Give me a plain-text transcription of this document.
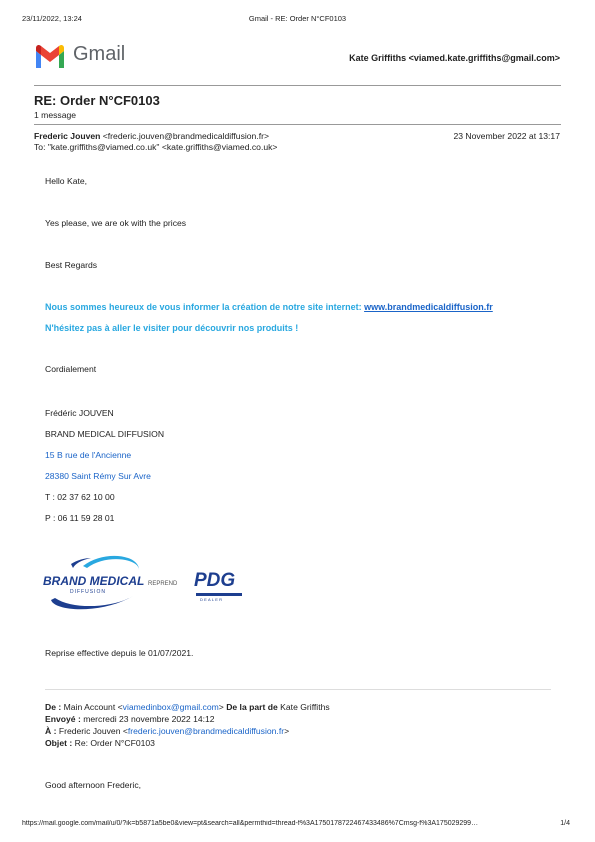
23/11/2022, 13:24	Gmail - RE: Order N°CF0103
Gmail	Kate Griffiths <viamed.kate.griffiths@gmail.com>
RE: Order N°CF0103
1 message
Frederic Jouven <frederic.jouven@brandmedicaldiffusion.fr>	23 November 2022 at 13:17
To: "kate.griffiths@viamed.co.uk" <kate.griffiths@viamed.co.uk>
Hello Kate,
Yes please, we are ok with the prices
Best Regards
Nous sommes heureux de vous informer la création de notre site internet: www.brandmedicaldiffusion.fr
N'hésitez pas à aller le visiter pour découvrir nos produits !
Cordialement
Frédéric JOUVEN
BRAND MEDICAL DIFFUSION
15 B rue de l'Ancienne
28380 Saint Rémy Sur Avre
T : 02 37 62 10 00
P : 06 11 59 28 01
BRAND MEDICAL
DIFFUSION
REPREND PDG
DEALER
Reprise effective depuis le 01/07/2021.
De : Main Account <viamedinbox@gmail.com> De la part de Kate Griffiths
Envoyé : mercredi 23 novembre 2022 14:12
À : Frederic Jouven <frederic.jouven@brandmedicaldiffusion.fr>
Objet : Re: Order N°CF0103
Good afternoon Frederic,
https://mail.google.com/mail/u/0/?ik=b5871a5be0&view=pt&search=all&permthid=thread-f%3A1750178722467433486%7Cmsg-f%3A175029299…	1/4
